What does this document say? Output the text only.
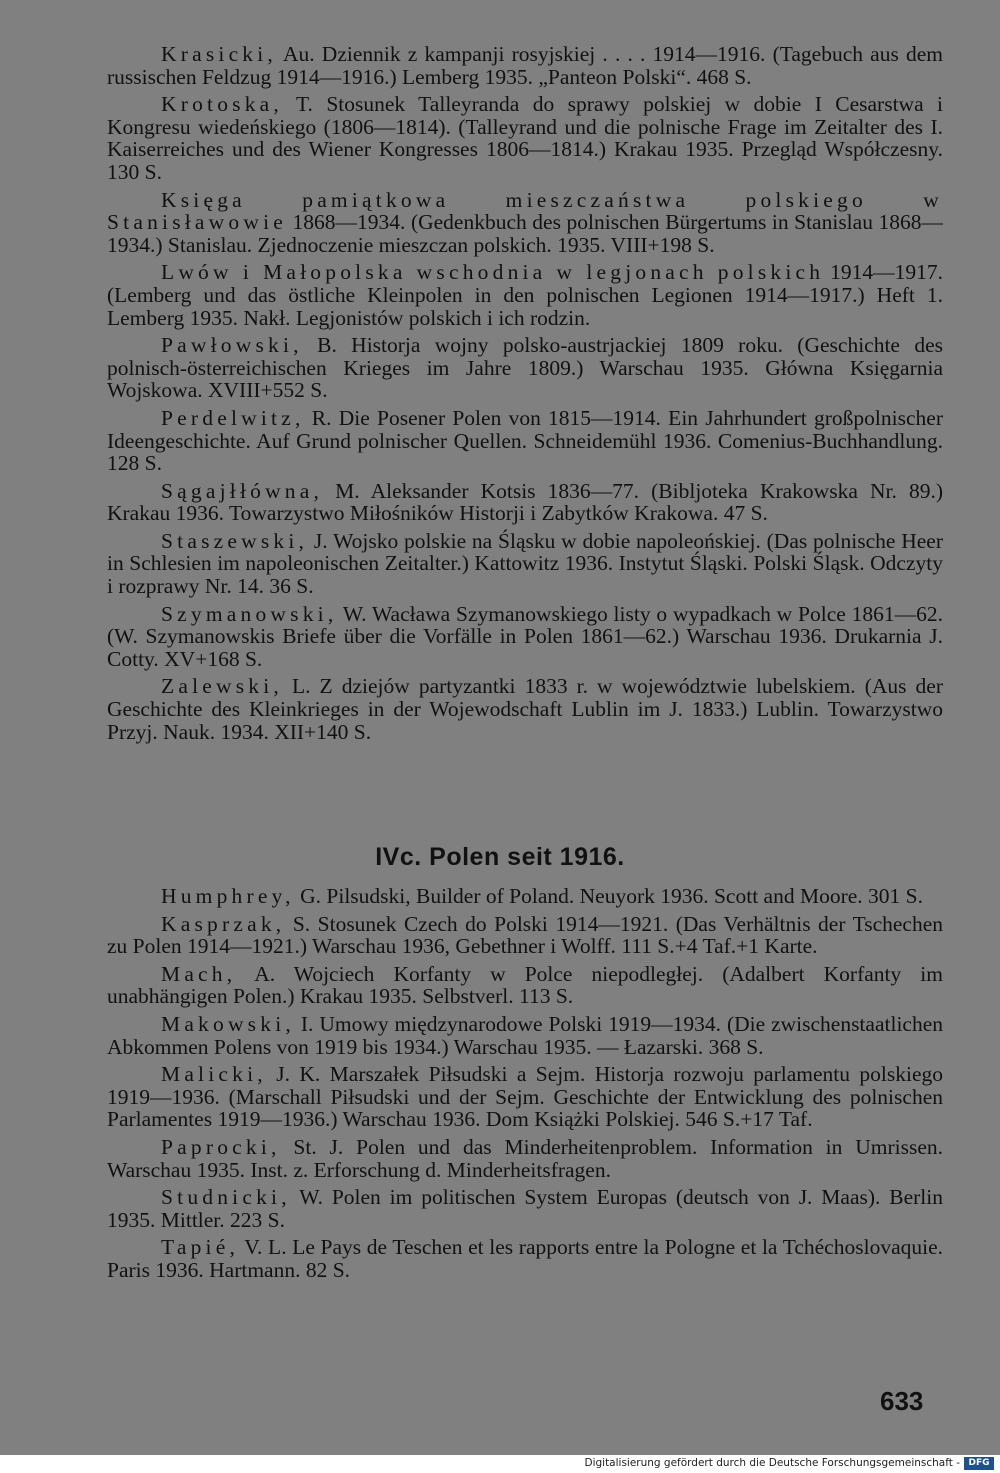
Krasicki, Au. Dziennik z kampanji rosyjskiej . . . . 1914—1916. (Tagebuch aus dem russischen Feldzug 1914—1916.) Lemberg 1935. „Panteon Polski“. 468 S.

Krotoska, T. Stosunek Talleyranda do sprawy polskiej w dobie I Cesarstwa i Kongresu wiedeńskiego (1806—1814). (Talleyrand und die polnische Frage im Zeitalter des I. Kaiserreiches und des Wiener Kongresses 1806—1814.) Krakau 1935. Przegląd Współczesny. 130 S.

Księga pamiątkowa mieszczaństwa polskiego w Stanisławowie 1868—1934. (Gedenkbuch des polnischen Bürgertums in Stanislau 1868—1934.) Stanislau. Zjednoczenie mieszczan polskich. 1935. VIII+198 S.

Lwów i Małopolska wschodnia w legjonach polskich 1914—1917. (Lemberg und das östliche Kleinpolen in den polnischen Legionen 1914—1917.) Heft 1. Lemberg 1935. Nakł. Legjonistów polskich i ich rodzin.

Pawłowski, B. Historja wojny polsko-austrjackiej 1809 roku. (Geschichte des polnisch-österreichischen Krieges im Jahre 1809.) Warschau 1935. Główna Księgarnia Wojskowa. XVIII+552 S.

Perdelwitz, R. Die Posener Polen von 1815—1914. Ein Jahrhundert großpolnischer Ideengeschichte. Auf Grund polnischer Quellen. Schneidemühl 1936. Comenius-Buchhandlung. 128 S.

Sągajłłówna, M. Aleksander Kotsis 1836—77. (Bibljoteka Krakowska Nr. 89.) Krakau 1936. Towarzystwo Miłośników Historji i Zabytków Krakowa. 47 S.

Staszewski, J. Wojsko polskie na Śląsku w dobie napoleońskiej. (Das polnische Heer in Schlesien im napoleonischen Zeitalter.) Kattowitz 1936. Instytut Śląski. Polski Śląsk. Odczyty i rozprawy Nr. 14. 36 S.

Szymanowski, W. Wacława Szymanowskiego listy o wypadkach w Polce 1861—62. (W. Szymanowskis Briefe über die Vorfälle in Polen 1861—62.) Warschau 1936. Drukarnia J. Cotty. XV+168 S.

Zalewski, L. Z dziejów partyzantki 1833 r. w województwie lubelskiem. (Aus der Geschichte des Kleinkrieges in der Wojewodschaft Lublin im J. 1833.) Lublin. Towarzystwo Przyj. Nauk. 1934. XII+140 S.

IVc. Polen seit 1916.

Humphrey, G. Pilsudski, Builder of Poland. Neuyork 1936. Scott and Moore. 301 S.

Kasprzak, S. Stosunek Czech do Polski 1914—1921. (Das Verhältnis der Tschechen zu Polen 1914—1921.) Warschau 1936, Gebethner i Wolff. 111 S.+4 Taf.+1 Karte.

Mach, A. Wojciech Korfanty w Polce niepodległej. (Adalbert Korfanty im unabhängigen Polen.) Krakau 1935. Selbstverl. 113 S.

Makowski, I. Umowy międzynarodowe Polski 1919—1934. (Die zwischenstaatlichen Abkommen Polens von 1919 bis 1934.) Warschau 1935. — Łazarski. 368 S.

Malicki, J. K. Marszałek Piłsudski a Sejm. Historja rozwoju parlamentu polskiego 1919—1936. (Marschall Piłsudski und der Sejm. Geschichte der Entwicklung des polnischen Parlamentes 1919—1936.) Warschau 1936. Dom Książki Polskiej. 546 S.+17 Taf.

Paprocki, St. J. Polen und das Minderheitenproblem. Information in Umrissen. Warschau 1935. Inst. z. Erforschung d. Minderheitsfragen.

Studnicki, W. Polen im politischen System Europas (deutsch von J. Maas). Berlin 1935. Mittler. 223 S.

Tapié, V. L. Le Pays de Teschen et les rapports entre la Pologne et la Tchéchoslovaquie. Paris 1936. Hartmann. 82 S.

633
Digitalisierung gefördert durch die Deutsche Forschungsgemeinschaft - DFG
